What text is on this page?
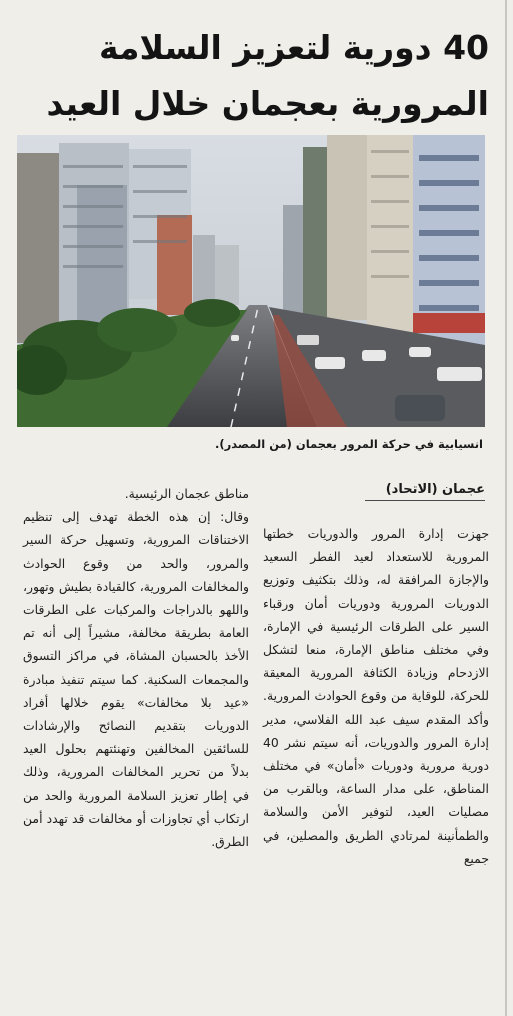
40 دورية لتعزيز السلامة
المرورية بعجمان خلال العيد
انسيابية في حركة المرور بعجمان (من المصدر).
عجمان (الاتحاد)

جهزت إدارة المرور والدوريات خطتها المرورية للاستعداد لعيد الفطر السعيد والإجازة المرافقة له، وذلك بتكثيف وتوزيع الدوريات المرورية ودوريات أمان ورقباء السير على الطرقات الرئيسية في الإمارة، وفي مختلف مناطق الإمارة، منعا لتشكل الازدحام وزيادة الكثافة المرورية المعيقة للحركة، للوقاية من وقوع الحوادث المرورية. وأكد المقدم سيف عبد الله الفلاسي، مدير إدارة المرور والدوريات، أنه سيتم نشر 40 دورية مرورية ودوريات «أمان» في مختلف المناطق، على مدار الساعة، وبالقرب من مصليات العيد، لتوفير الأمن والسلامة والطمأنينة لمرتادي الطريق والمصلين، في جميع

مناطق عجمان الرئيسية.

وقال: إن هذه الخطة تهدف إلى تنظيم الاختناقات المرورية، وتسهيل حركة السير والمرور، والحد من وقوع الحوادث والمخالفات المرورية، كالقيادة بطيش وتهور، واللهو بالدراجات والمركبات على الطرقات العامة بطريقة مخالفة، مشيراً إلى أنه تم الأخذ بالحسبان المشاة، في مراكز التسوق والمجمعات السكنية. كما سيتم تنفيذ مبادرة «عيد بلا مخالفات» يقوم خلالها أفراد الدوريات بتقديم النصائح والإرشادات للسائقين المخالفين وتهنئتهم بحلول العيد بدلاً من تحرير المخالفات المرورية، وذلك في إطار تعزيز السلامة المرورية والحد من ارتكاب أي تجاوزات أو مخالفات قد تهدد أمن الطرق.
